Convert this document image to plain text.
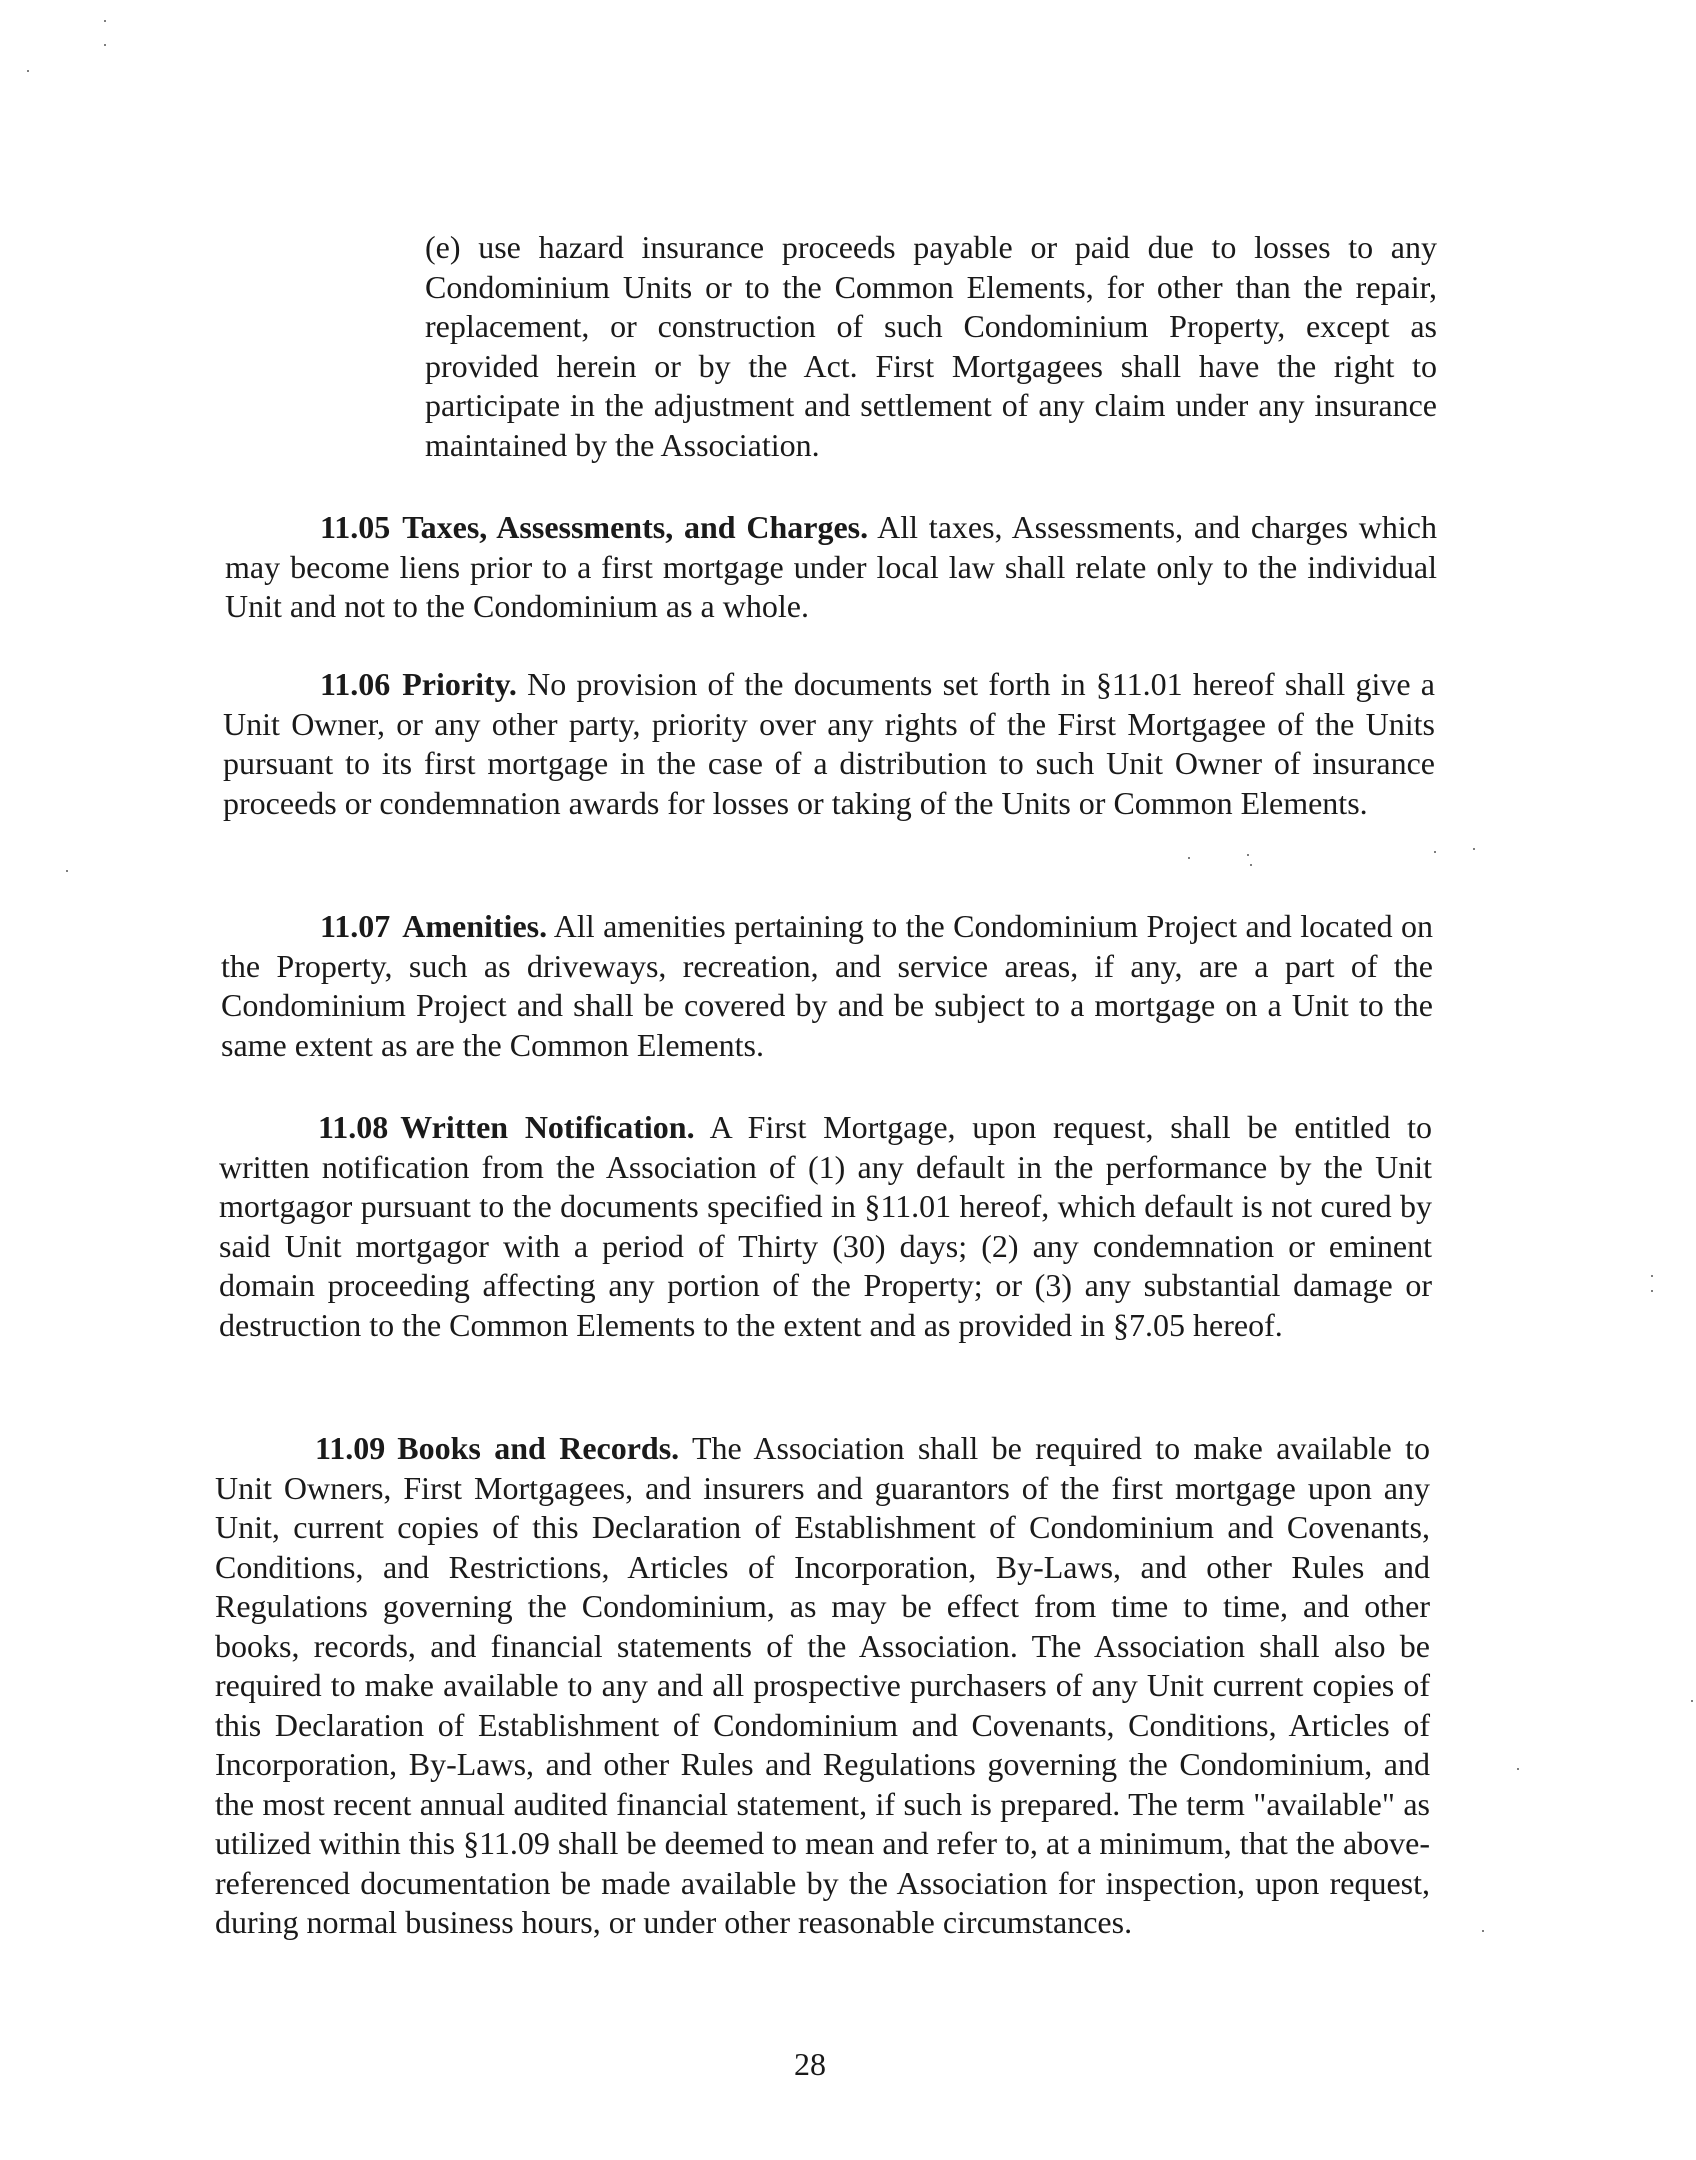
(e) use hazard insurance proceeds payable or paid due to losses to any Condominium Units or to the Common Elements, for other than the repair, replacement, or construction of such Condominium Property, except as provided herein or by the Act. First Mortgagees shall have the right to participate in the adjustment and settlement of any claim under any insurance maintained by the Association.

11.05 Taxes, Assessments, and Charges. All taxes, Assessments, and charges which may become liens prior to a first mortgage under local law shall relate only to the individual Unit and not to the Condominium as a whole.

11.06 Priority. No provision of the documents set forth in §11.01 hereof shall give a Unit Owner, or any other party, priority over any rights of the First Mortgagee of the Units pursuant to its first mortgage in the case of a distribution to such Unit Owner of insurance proceeds or condemnation awards for losses or taking of the Units or Common Elements.

11.07 Amenities. All amenities pertaining to the Condominium Project and located on the Property, such as driveways, recreation, and service areas, if any, are a part of the Condominium Project and shall be covered by and be subject to a mortgage on a Unit to the same extent as are the Common Elements.

11.08 Written Notification. A First Mortgage, upon request, shall be entitled to written notification from the Association of (1) any default in the performance by the Unit mortgagor pursuant to the documents specified in §11.01 hereof, which default is not cured by said Unit mortgagor with a period of Thirty (30) days; (2) any condemnation or eminent domain proceeding affecting any portion of the Property; or (3) any substantial damage or destruction to the Common Elements to the extent and as provided in §7.05 hereof.

11.09 Books and Records. The Association shall be required to make available to Unit Owners, First Mortgagees, and insurers and guarantors of the first mortgage upon any Unit, current copies of this Declaration of Establishment of Condominium and Covenants, Conditions, and Restrictions, Articles of Incorporation, By-Laws, and other Rules and Regulations governing the Condominium, as may be effect from time to time, and other books, records, and financial statements of the Association. The Association shall also be required to make available to any and all prospective purchasers of any Unit current copies of this Declaration of Establishment of Condominium and Covenants, Conditions, Articles of Incorporation, By-Laws, and other Rules and Regulations governing the Condominium, and the most recent annual audited financial statement, if such is prepared. The term "available" as utilized within this §11.09 shall be deemed to mean and refer to, at a minimum, that the above-referenced documentation be made available by the Association for inspection, upon request, during normal business hours, or under other reasonable circumstances.

28
